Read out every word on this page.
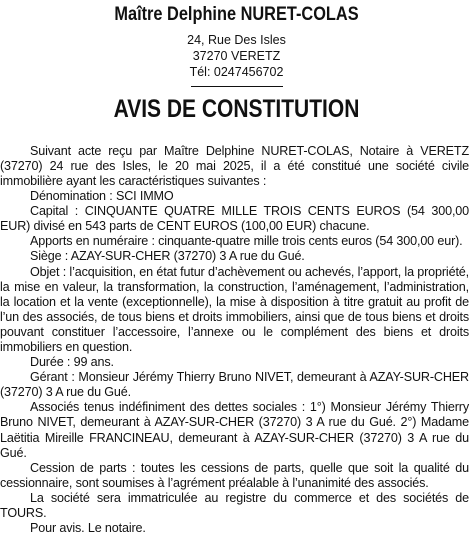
Maître Delphine NURET-COLAS
24, Rue Des Isles
37270 VERETZ
Tél: 0247456702
AVIS DE CONSTITUTION

Suivant acte reçu par Maître Delphine NURET-COLAS, Notaire à VERETZ (37270) 24 rue des Isles, le 20 mai 2025, il a été constitué une société civile immobilière ayant les caractéristiques suivantes :

Dénomination : SCI IMMO

Capital : CINQUANTE QUATRE MILLE TROIS CENTS EUROS (54 300,00 EUR) divisé en 543 parts de CENT EUROS (100,00 EUR) chacune.

Apports en numéraire : cinquante-quatre mille trois cents euros (54 300,00 eur).

Siège : AZAY-SUR-CHER (37270) 3 A rue du Gué.

Objet : l’acquisition, en état futur d’achèvement ou achevés, l’apport, la propriété, la mise en valeur, la transformation, la construction, l’aménagement, l’administration, la location et la vente (exceptionnelle), la mise à disposition à titre gratuit au profit de l’un des associés, de tous biens et droits immobiliers, ainsi que de tous biens et droits pouvant constituer l’accessoire, l’annexe ou le complément des biens et droits immobiliers en question.

Durée : 99 ans.

Gérant : Monsieur Jérémy Thierry Bruno NIVET, demeurant à AZAY-SUR-CHER (37270) 3 A rue du Gué.

Associés tenus indéfiniment des dettes sociales : 1°) Monsieur Jérémy Thierry Bruno NIVET, demeurant à AZAY-SUR-CHER (37270) 3 A rue du Gué. 2°) Madame Laëtitia Mireille FRANCINEAU, demeurant à AZAY-SUR-CHER (37270) 3 A rue du Gué.

Cession de parts : toutes les cessions de parts, quelle que soit la qualité du cessionnaire, sont soumises à l’agrément préalable à l’unanimité des associés.

La société sera immatriculée au registre du commerce et des sociétés de TOURS.

Pour avis. Le notaire.
